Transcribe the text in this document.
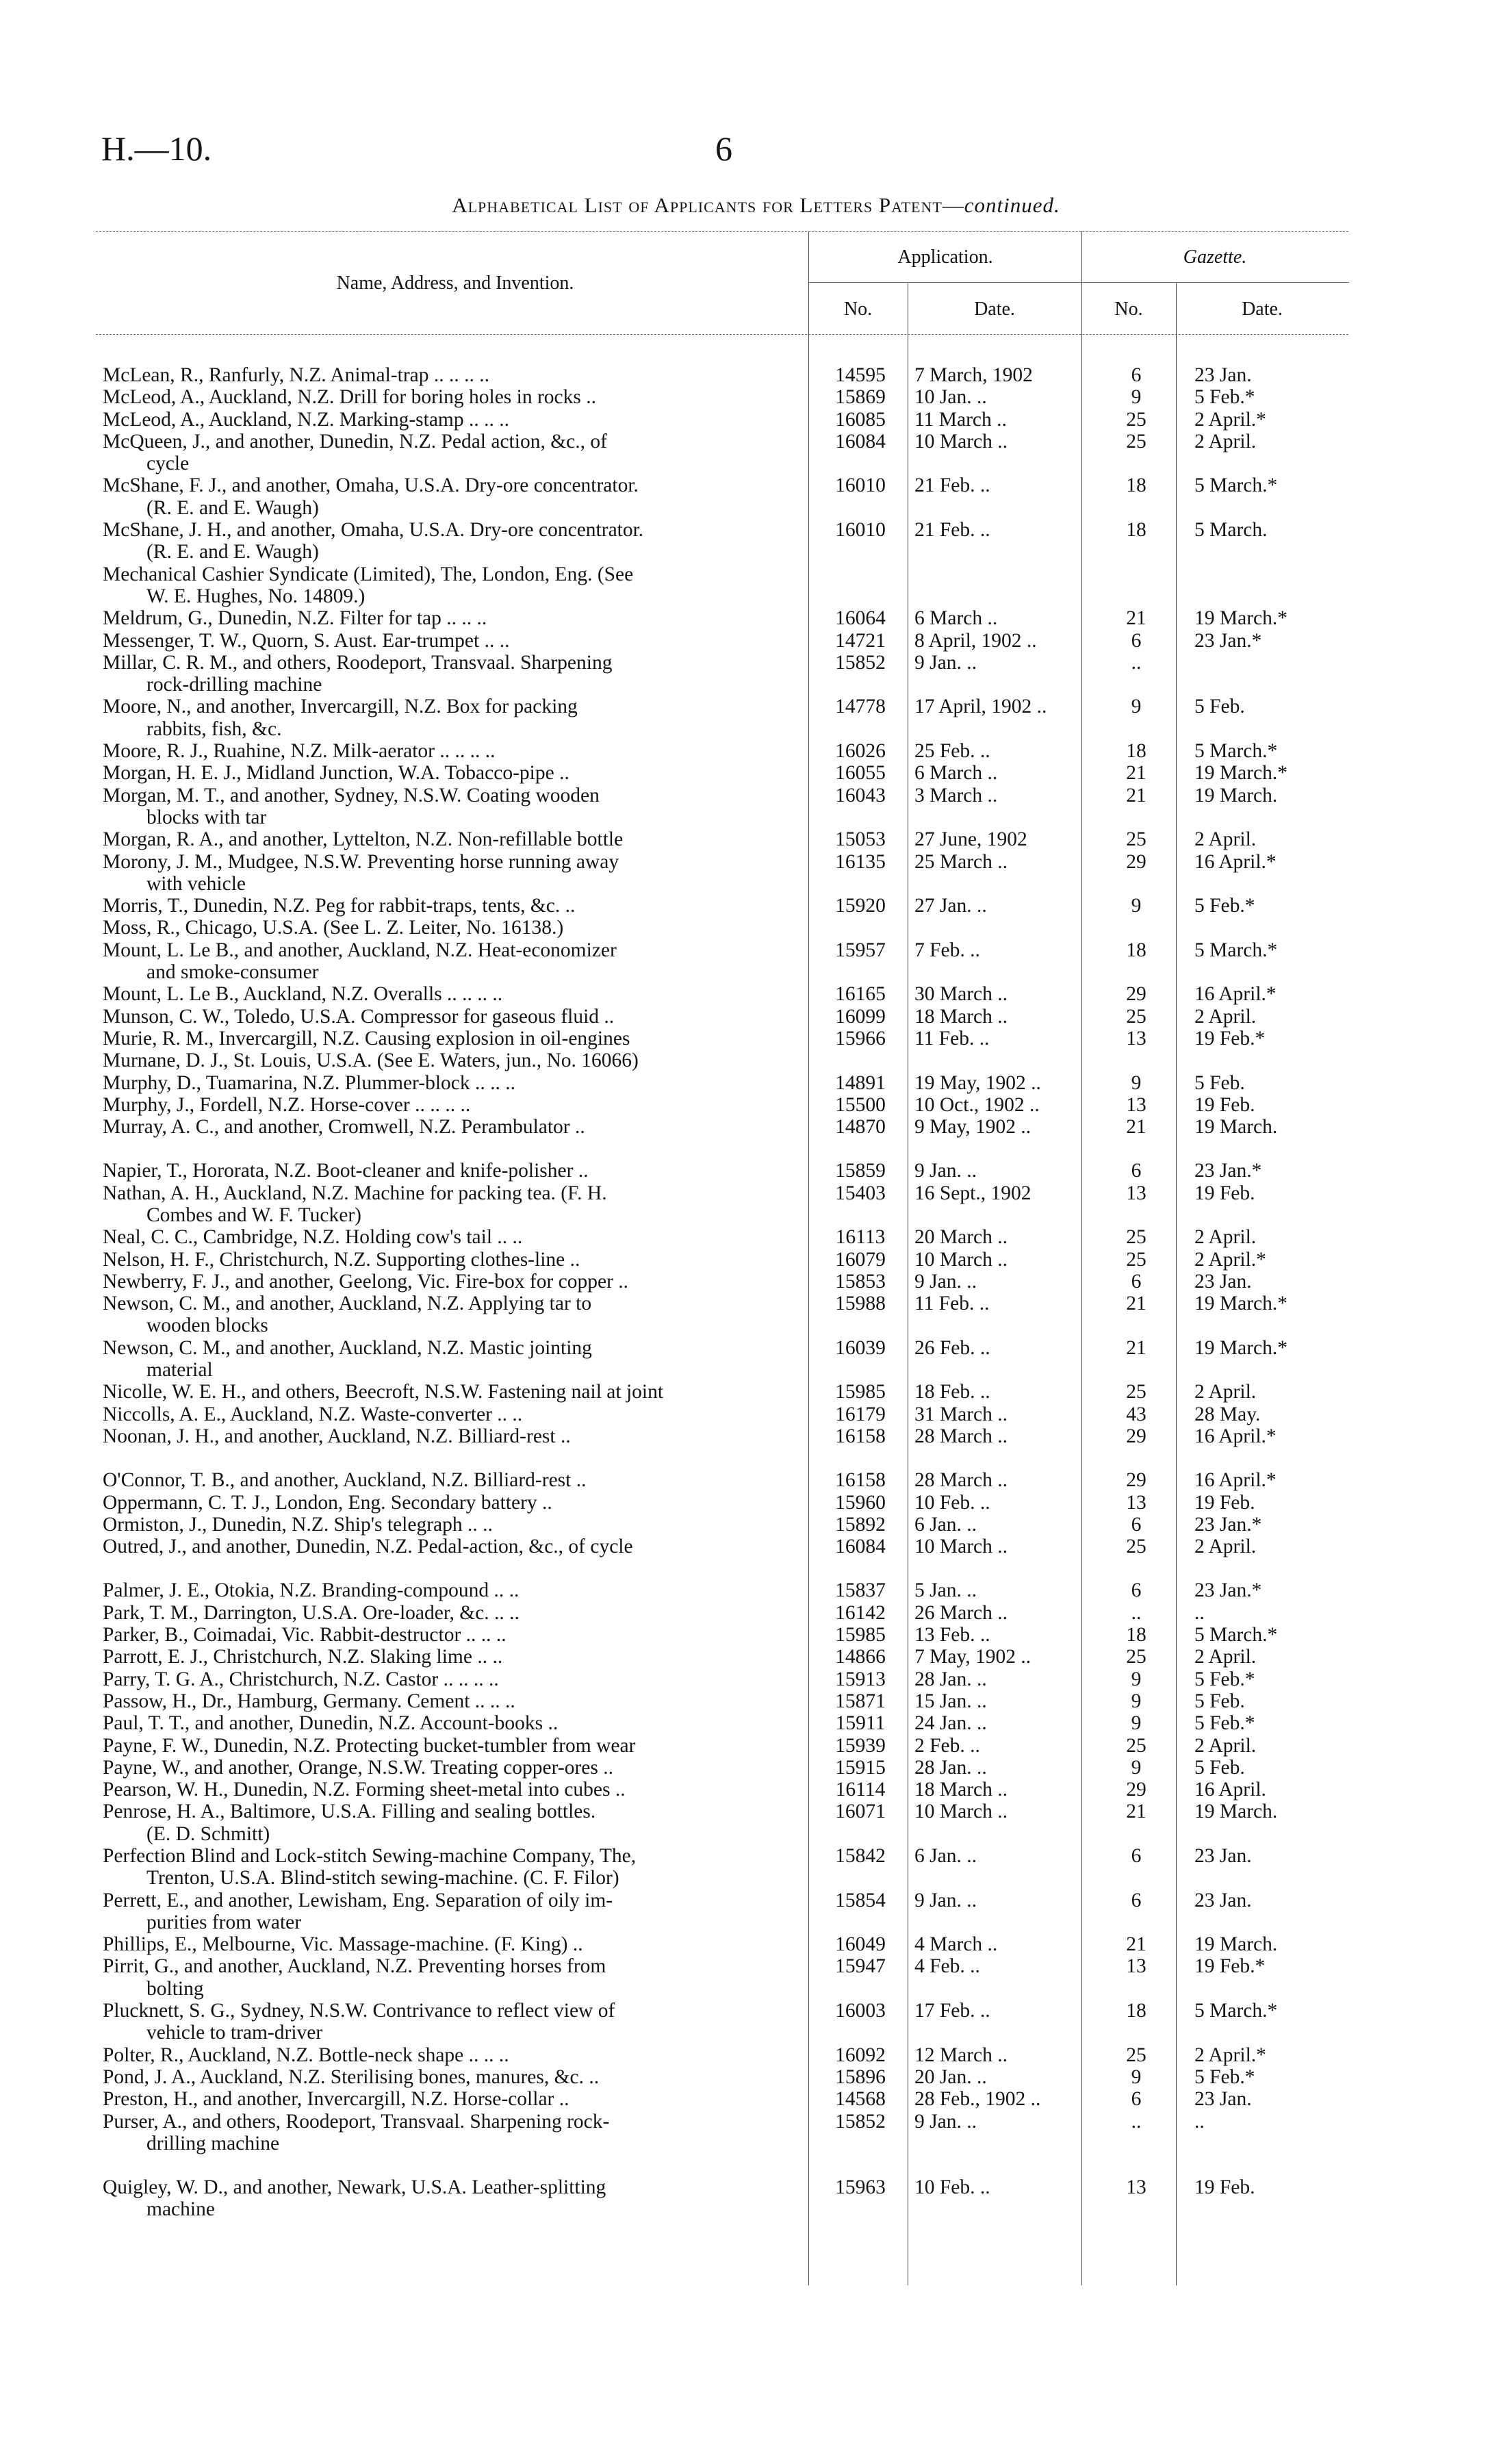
H.—10.	6
Alphabetical List of Applicants for Letters Patent—continued.
Name, Address, and Invention.
Application.	Gazette.
No.	Date.	No.	Date.
McLean, R., Ranfurly, N.Z. Animal-trap .. .. .. ..	14595	7 March, 1902	6	23 Jan.
McLeod, A., Auckland, N.Z. Drill for boring holes in rocks ..	15869	10 Jan. ..	9	5 Feb.*
McLeod, A., Auckland, N.Z. Marking-stamp .. .. ..	16085	11 March ..	25	2 April.*
McQueen, J., and another, Dunedin, N.Z. Pedal action, &c., of
cycle
16084	10 March ..	25	2 April.
McShane, F. J., and another, Omaha, U.S.A. Dry-ore concentrator.
(R. E. and E. Waugh)
16010	21 Feb. ..	18	5 March.*
McShane, J. H., and another, Omaha, U.S.A. Dry-ore concentrator.
(R. E. and E. Waugh)
16010	21 Feb. ..	18	5 March.
Mechanical Cashier Syndicate (Limited), The, London, Eng. (See
W. E. Hughes, No. 14809.)
Meldrum, G., Dunedin, N.Z. Filter for tap .. .. ..	16064	6 March ..	21	19 March.*
Messenger, T. W., Quorn, S. Aust. Ear-trumpet .. ..	14721	8 April, 1902 ..	6	23 Jan.*
Millar, C. R. M., and others, Roodeport, Transvaal. Sharpening
rock-drilling machine
15852	9 Jan. ..	..
Moore, N., and another, Invercargill, N.Z. Box for packing
rabbits, fish, &c.
14778	17 April, 1902 ..	9	5 Feb.
Moore, R. J., Ruahine, N.Z. Milk-aerator .. .. .. ..	16026	25 Feb. ..	18	5 March.*
Morgan, H. E. J., Midland Junction, W.A. Tobacco-pipe ..	16055	6 March ..	21	19 March.*
Morgan, M. T., and another, Sydney, N.S.W. Coating wooden
blocks with tar
16043	3 March ..	21	19 March.
Morgan, R. A., and another, Lyttelton, N.Z. Non-refillable bottle	15053	27 June, 1902	25	2 April.
Morony, J. M., Mudgee, N.S.W. Preventing horse running away
with vehicle
16135	25 March ..	29	16 April.*
Morris, T., Dunedin, N.Z. Peg for rabbit-traps, tents, &c. ..	15920	27 Jan. ..	9	5 Feb.*
Moss, R., Chicago, U.S.A. (See L. Z. Leiter, No. 16138.)
Mount, L. Le B., and another, Auckland, N.Z. Heat-economizer
and smoke-consumer
15957	7 Feb. ..	18	5 March.*
Mount, L. Le B., Auckland, N.Z. Overalls .. .. .. ..	16165	30 March ..	29	16 April.*
Munson, C. W., Toledo, U.S.A. Compressor for gaseous fluid ..	16099	18 March ..	25	2 April.
Murie, R. M., Invercargill, N.Z. Causing explosion in oil-engines	15966	11 Feb. ..	13	19 Feb.*
Murnane, D. J., St. Louis, U.S.A. (See E. Waters, jun., No. 16066)
Murphy, D., Tuamarina, N.Z. Plummer-block .. .. ..	14891	19 May, 1902 ..	9	5 Feb.
Murphy, J., Fordell, N.Z. Horse-cover .. .. .. ..	15500	10 Oct., 1902 ..	13	19 Feb.
Murray, A. C., and another, Cromwell, N.Z. Perambulator ..	14870	9 May, 1902 ..	21	19 March.
Napier, T., Hororata, N.Z. Boot-cleaner and knife-polisher ..	15859	9 Jan. ..	6	23 Jan.*
Nathan, A. H., Auckland, N.Z. Machine for packing tea. (F. H.
Combes and W. F. Tucker)
15403	16 Sept., 1902	13	19 Feb.
Neal, C. C., Cambridge, N.Z. Holding cow's tail .. ..	16113	20 March ..	25	2 April.
Nelson, H. F., Christchurch, N.Z. Supporting clothes-line ..	16079	10 March ..	25	2 April.*
Newberry, F. J., and another, Geelong, Vic. Fire-box for copper ..	15853	9 Jan. ..	6	23 Jan.
Newson, C. M., and another, Auckland, N.Z. Applying tar to
wooden blocks
15988	11 Feb. ..	21	19 March.*
Newson, C. M., and another, Auckland, N.Z. Mastic jointing
material
16039	26 Feb. ..	21	19 March.*
Nicolle, W. E. H., and others, Beecroft, N.S.W. Fastening nail at joint	15985	18 Feb. ..	25	2 April.
Niccolls, A. E., Auckland, N.Z. Waste-converter .. ..	16179	31 March ..	43	28 May.
Noonan, J. H., and another, Auckland, N.Z. Billiard-rest ..	16158	28 March ..	29	16 April.*
O'Connor, T. B., and another, Auckland, N.Z. Billiard-rest ..	16158	28 March ..	29	16 April.*
Oppermann, C. T. J., London, Eng. Secondary battery ..	15960	10 Feb. ..	13	19 Feb.
Ormiston, J., Dunedin, N.Z. Ship's telegraph .. ..	15892	6 Jan. ..	6	23 Jan.*
Outred, J., and another, Dunedin, N.Z. Pedal-action, &c., of cycle	16084	10 March ..	25	2 April.
Palmer, J. E., Otokia, N.Z. Branding-compound .. ..	15837	5 Jan. ..	6	23 Jan.*
Park, T. M., Darrington, U.S.A. Ore-loader, &c. .. ..	16142	26 March ..	..	..
Parker, B., Coimadai, Vic. Rabbit-destructor .. .. ..	15985	13 Feb. ..	18	5 March.*
Parrott, E. J., Christchurch, N.Z. Slaking lime .. ..	14866	7 May, 1902 ..	25	2 April.
Parry, T. G. A., Christchurch, N.Z. Castor .. .. .. ..	15913	28 Jan. ..	9	5 Feb.*
Passow, H., Dr., Hamburg, Germany. Cement .. .. ..	15871	15 Jan. ..	9	5 Feb.
Paul, T. T., and another, Dunedin, N.Z. Account-books ..	15911	24 Jan. ..	9	5 Feb.*
Payne, F. W., Dunedin, N.Z. Protecting bucket-tumbler from wear	15939	2 Feb. ..	25	2 April.
Payne, W., and another, Orange, N.S.W. Treating copper-ores ..	15915	28 Jan. ..	9	5 Feb.
Pearson, W. H., Dunedin, N.Z. Forming sheet-metal into cubes ..	16114	18 March ..	29	16 April.
Penrose, H. A., Baltimore, U.S.A. Filling and sealing bottles.
(E. D. Schmitt)
16071	10 March ..	21	19 March.
Perfection Blind and Lock-stitch Sewing-machine Company, The,
Trenton, U.S.A. Blind-stitch sewing-machine. (C. F. Filor)
15842	6 Jan. ..	6	23 Jan.
Perrett, E., and another, Lewisham, Eng. Separation of oily im-
purities from water
15854	9 Jan. ..	6	23 Jan.
Phillips, E., Melbourne, Vic. Massage-machine. (F. King) ..	16049	4 March ..	21	19 March.
Pirrit, G., and another, Auckland, N.Z. Preventing horses from
bolting
15947	4 Feb. ..	13	19 Feb.*
Plucknett, S. G., Sydney, N.S.W. Contrivance to reflect view of
vehicle to tram-driver
16003	17 Feb. ..	18	5 March.*
Polter, R., Auckland, N.Z. Bottle-neck shape .. .. ..	16092	12 March ..	25	2 April.*
Pond, J. A., Auckland, N.Z. Sterilising bones, manures, &c. ..	15896	20 Jan. ..	9	5 Feb.*
Preston, H., and another, Invercargill, N.Z. Horse-collar ..	14568	28 Feb., 1902 ..	6	23 Jan.
Purser, A., and others, Roodeport, Transvaal. Sharpening rock-
drilling machine
15852	9 Jan. ..	..	..
Quigley, W. D., and another, Newark, U.S.A. Leather-splitting
machine
15963	10 Feb. ..	13	19 Feb.
